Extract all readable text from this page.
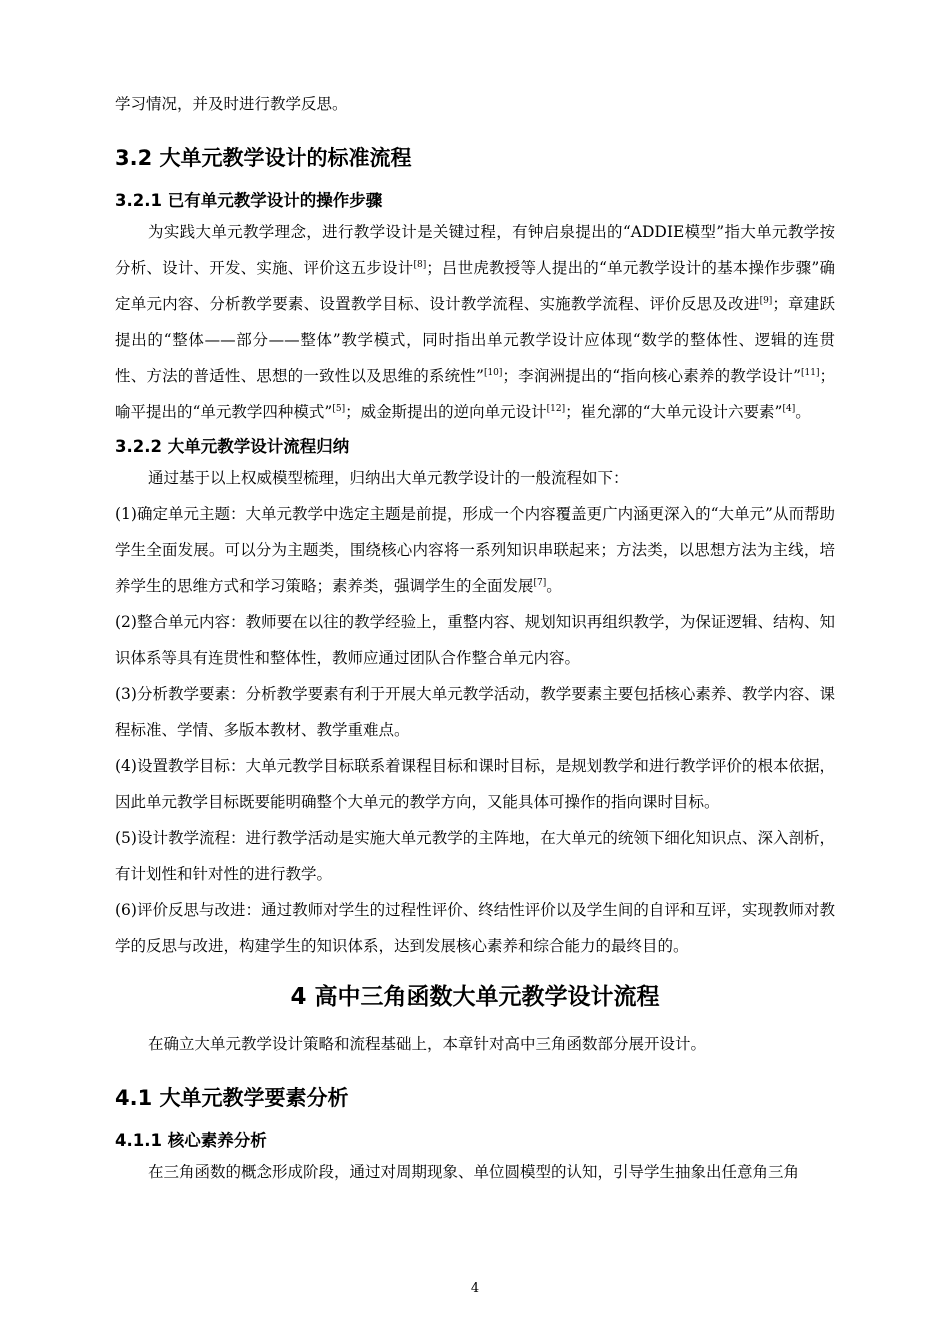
学习情况，并及时进行教学反思。

3.2 大单元教学设计的标准流程
3.2.1 已有单元教学设计的操作步骤

为实践大单元教学理念，进行教学设计是关键过程，有钟启泉提出的“ADDIE模型”指大单元教学按分析、设计、开发、实施、评价这五步设计[8]；吕世虎教授等人提出的“单元教学设计的基本操作步骤”确定单元内容、分析教学要素、设置教学目标、设计教学流程、实施教学流程、评价反思及改进[9]；章建跃提出的“整体——部分——整体”教学模式，同时指出单元教学设计应体现“数学的整体性、逻辑的连贯性、方法的普适性、思想的一致性以及思维的系统性”[10]；李润洲提出的“指向核心素养的教学设计”[11]；喻平提出的“单元教学四种模式”[5]；威金斯提出的逆向单元设计[12]；崔允漷的“大单元设计六要素”[4]。

3.2.2 大单元教学设计流程归纳

通过基于以上权威模型梳理，归纳出大单元教学设计的一般流程如下：

(1)确定单元主题：大单元教学中选定主题是前提，形成一个内容覆盖更广内涵更深入的“大单元”从而帮助学生全面发展。可以分为主题类，围绕核心内容将一系列知识串联起来；方法类，以思想方法为主线，培养学生的思维方式和学习策略；素养类，强调学生的全面发展[7]。

(2)整合单元内容：教师要在以往的教学经验上，重整内容、规划知识再组织教学，为保证逻辑、结构、知识体系等具有连贯性和整体性，教师应通过团队合作整合单元内容。

(3)分析教学要素：分析教学要素有利于开展大单元教学活动，教学要素主要包括核心素养、教学内容、课程标准、学情、多版本教材、教学重难点。

(4)设置教学目标：大单元教学目标联系着课程目标和课时目标，是规划教学和进行教学评价的根本依据，因此单元教学目标既要能明确整个大单元的教学方向，又能具体可操作的指向课时目标。

(5)设计教学流程：进行教学活动是实施大单元教学的主阵地，在大单元的统领下细化知识点、深入剖析，有计划性和针对性的进行教学。

(6)评价反思与改进：通过教师对学生的过程性评价、终结性评价以及学生间的自评和互评，实现教师对教学的反思与改进，构建学生的知识体系，达到发展核心素养和综合能力的最终目的。

4 高中三角函数大单元教学设计流程

在确立大单元教学设计策略和流程基础上，本章针对高中三角函数部分展开设计。

4.1 大单元教学要素分析
4.1.1 核心素养分析

在三角函数的概念形成阶段，通过对周期现象、单位圆模型的认知，引导学生抽象出任意角三角

4
